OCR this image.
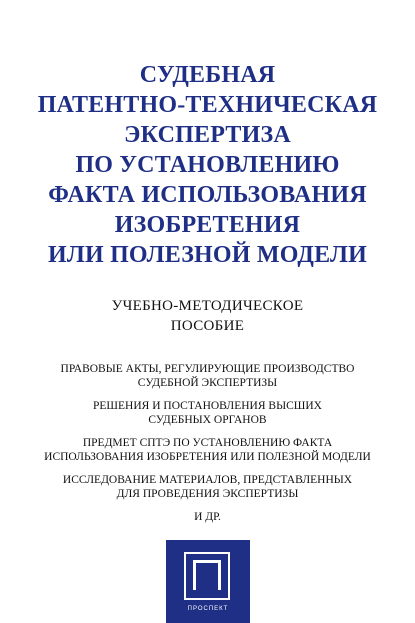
СУДЕБНАЯ
ПАТЕНТНО-ТЕХНИЧЕСКАЯ
ЭКСПЕРТИЗА
ПО УСТАНОВЛЕНИЮ
ФАКТА ИСПОЛЬЗОВАНИЯ
ИЗОБРЕТЕНИЯ
ИЛИ ПОЛЕЗНОЙ МОДЕЛИ
УЧЕБНО-МЕТОДИЧЕСКОЕ
ПОСОБИЕ
ПРАВОВЫЕ АКТЫ, РЕГУЛИРУЮЩИЕ ПРОИЗВОДСТВО
СУДЕБНОЙ ЭКСПЕРТИЗЫ
РЕШЕНИЯ И ПОСТАНОВЛЕНИЯ ВЫСШИХ
СУДЕБНЫХ ОРГАНОВ
ПРЕДМЕТ СПТЭ ПО УСТАНОВЛЕНИЮ ФАКТА
ИСПОЛЬЗОВАНИЯ ИЗОБРЕТЕНИЯ ИЛИ ПОЛЕЗНОЙ МОДЕЛИ
ИССЛЕДОВАНИЕ МАТЕРИАЛОВ, ПРЕДСТАВЛЕННЫХ
ДЛЯ ПРОВЕДЕНИЯ ЭКСПЕРТИЗЫ
И ДР.
ПРОСПЕКТ
